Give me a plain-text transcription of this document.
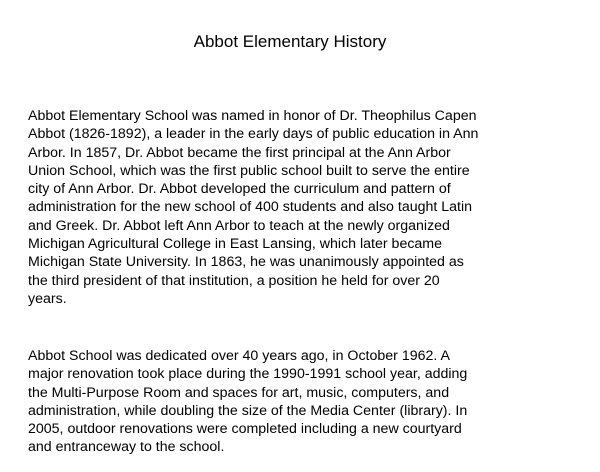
Abbot Elementary History

Abbot Elementary School was named in honor of Dr. Theophilus Capen
Abbot (1826-1892), a leader in the early days of public education in Ann
Arbor. In 1857, Dr. Abbot became the first principal at the Ann Arbor
Union School, which was the first public school built to serve the entire
city of Ann Arbor. Dr. Abbot developed the curriculum and pattern of
administration for the new school of 400 students and also taught Latin
and Greek. Dr. Abbot left Ann Arbor to teach at the newly organized
Michigan Agricultural College in East Lansing, which later became
Michigan State University. In 1863, he was unanimously appointed as
the third president of that institution, a position he held for over 20
years.

Abbot School was dedicated over 40 years ago, in October 1962. A
major renovation took place during the 1990-1991 school year, adding
the Multi-Purpose Room and spaces for art, music, computers, and
administration, while doubling the size of the Media Center (library). In
2005, outdoor renovations were completed including a new courtyard
and entranceway to the school.
